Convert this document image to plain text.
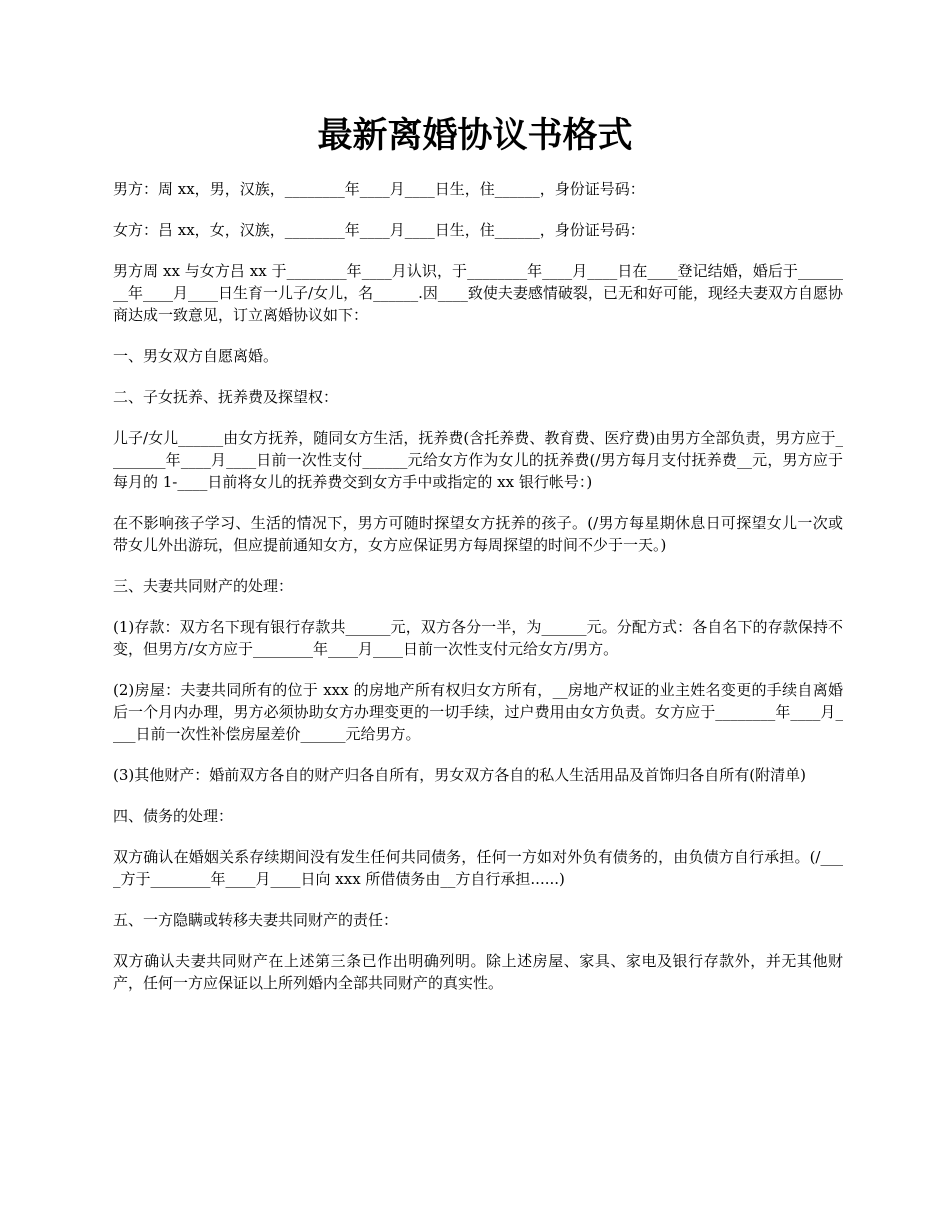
最新离婚协议书格式

男方：周 xx，男，汉族，________年____月____日生，住______，身份证号码：

女方：吕 xx，女，汉族，________年____月____日生，住______，身份证号码：

男方周 xx 与女方吕 xx 于________年____月认识，于________年____月____日在____登记结婚，婚后于________年____月____日生育一儿子/女儿，名______.因____致使夫妻感情破裂，已无和好可能，现经夫妻双方自愿协商达成一致意见，订立离婚协议如下：

一、男女双方自愿离婚。

二、子女抚养、抚养费及探望权：

儿子/女儿______由女方抚养，随同女方生活，抚养费(含托养费、教育费、医疗费)由男方全部负责，男方应于________年____月____日前一次性支付______元给女方作为女儿的抚养费(/男方每月支付抚养费__元，男方应于每月的 1-____日前将女儿的抚养费交到女方手中或指定的 xx 银行帐号：)

在不影响孩子学习、生活的情况下，男方可随时探望女方抚养的孩子。(/男方每星期休息日可探望女儿一次或带女儿外出游玩，但应提前通知女方，女方应保证男方每周探望的时间不少于一天。)

三、夫妻共同财产的处理：

(1)存款：双方名下现有银行存款共______元，双方各分一半，为______元。分配方式：各自名下的存款保持不变，但男方/女方应于________年____月____日前一次性支付元给女方/男方。

(2)房屋：夫妻共同所有的位于 xxx 的房地产所有权归女方所有，__房地产权证的业主姓名变更的手续自离婚后一个月内办理，男方必须协助女方办理变更的一切手续，过户费用由女方负责。女方应于________年____月____日前一次性补偿房屋差价______元给男方。

(3)其他财产：婚前双方各自的财产归各自所有，男女双方各自的私人生活用品及首饰归各自所有(附清单)

四、债务的处理：

双方确认在婚姻关系存续期间没有发生任何共同债务，任何一方如对外负有债务的，由负债方自行承担。(/____方于________年____月____日向 xxx 所借债务由__方自行承担......)

五、一方隐瞒或转移夫妻共同财产的责任：

双方确认夫妻共同财产在上述第三条已作出明确列明。除上述房屋、家具、家电及银行存款外，并无其他财产，任何一方应保证以上所列婚内全部共同财产的真实性。
